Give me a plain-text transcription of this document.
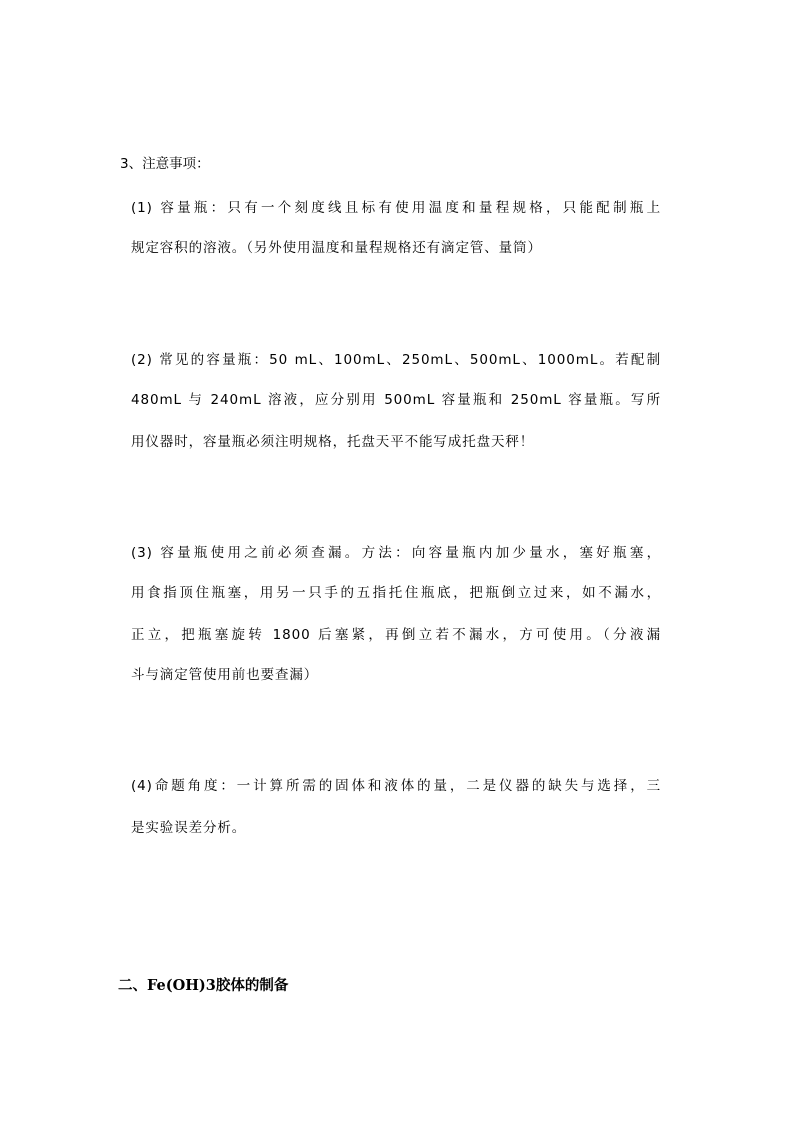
3、注意事项：
(1) 容量瓶：只有一个刻度线且标有使用温度和量程规格，只能配制瓶上
规定容积的溶液。（另外使用温度和量程规格还有滴定管、量筒）
(2) 常见的容量瓶：50 mL、100mL、250mL、500mL、1000mL。若配制
480mL 与 240mL 溶液，应分别用 500mL 容量瓶和 250mL 容量瓶。写所
用仪器时，容量瓶必须注明规格，托盘天平不能写成托盘天秤！
(3) 容量瓶使用之前必须查漏。方法：向容量瓶内加少量水，塞好瓶塞，
用食指顶住瓶塞，用另一只手的五指托住瓶底，把瓶倒立过来，如不漏水，
正立，把瓶塞旋转 1800 后塞紧，再倒立若不漏水，方可使用。（分液漏
斗与滴定管使用前也要查漏）
(4)命题角度：一计算所需的固体和液体的量，二是仪器的缺失与选择，三
是实验误差分析。
二、Fe(OH)3胶体的制备
